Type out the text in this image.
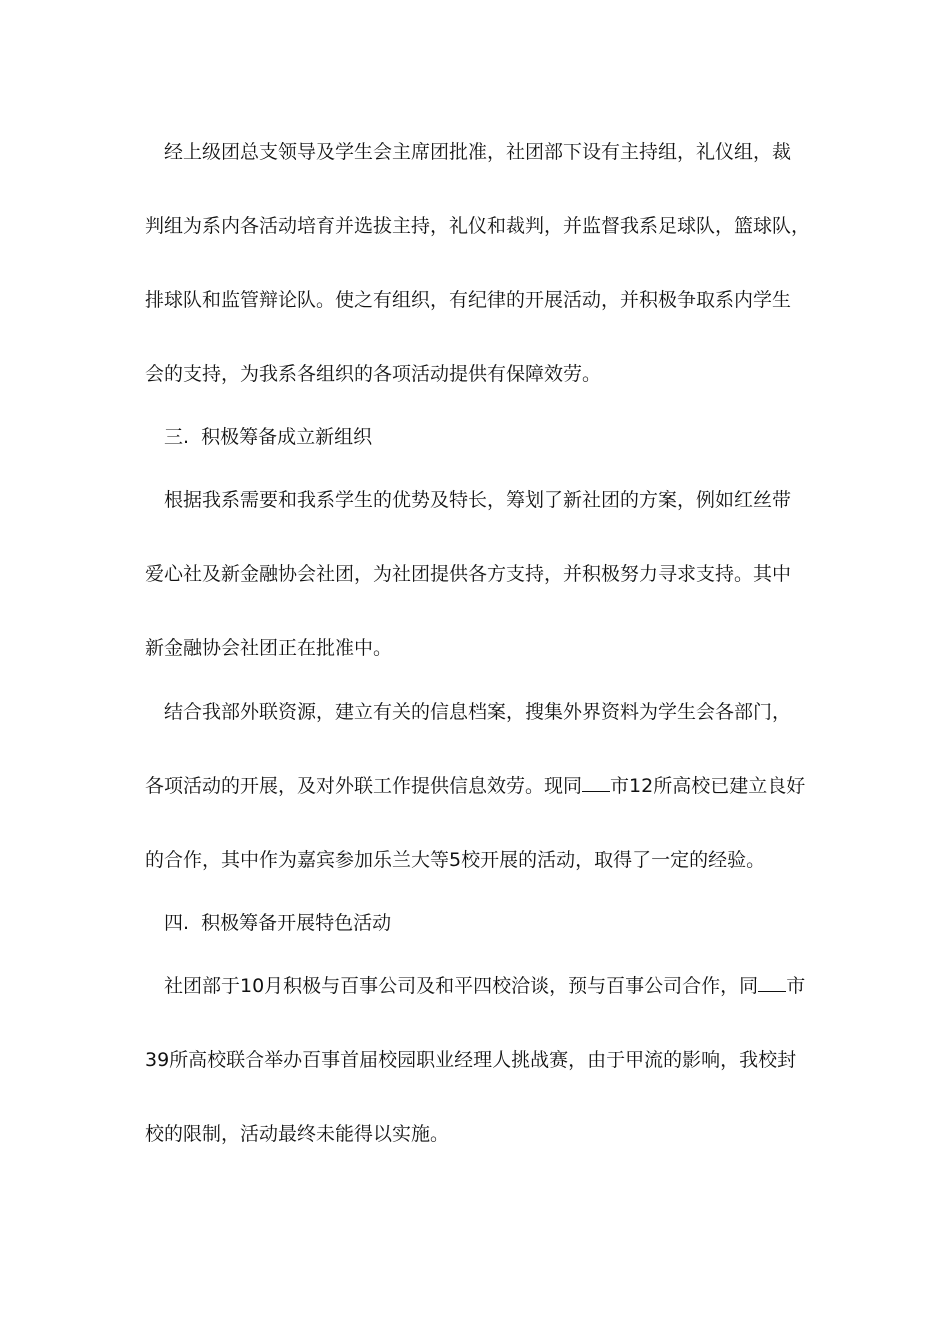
经上级团总支领导及学生会主席团批准，社团部下设有主持组，礼仪组，裁

判组为系内各活动培育并选拔主持，礼仪和裁判，并监督我系足球队，篮球队，

排球队和监管辩论队。使之有组织，有纪律的开展活动，并积极争取系内学生

会的支持，为我系各组织的各项活动提供有保障效劳。

三.  积极筹备成立新组织

根据我系需要和我系学生的优势及特长，筹划了新社团的方案，例如红丝带

爱心社及新金融协会社团，为社团提供各方支持，并积极努力寻求支持。其中

新金融协会社团正在批准中。

结合我部外联资源，建立有关的信息档案，搜集外界资料为学生会各部门，

各项活动的开展，及对外联工作提供信息效劳。现同 市12所高校已建立良好

的合作，其中作为嘉宾参加乐兰大等5校开展的活动，取得了一定的经验。

四.  积极筹备开展特色活动

社团部于10月积极与百事公司及和平四校洽谈，预与百事公司合作，同 市

39所高校联合举办百事首届校园职业经理人挑战赛，由于甲流的影响，我校封

校的限制，活动最终未能得以实施。
